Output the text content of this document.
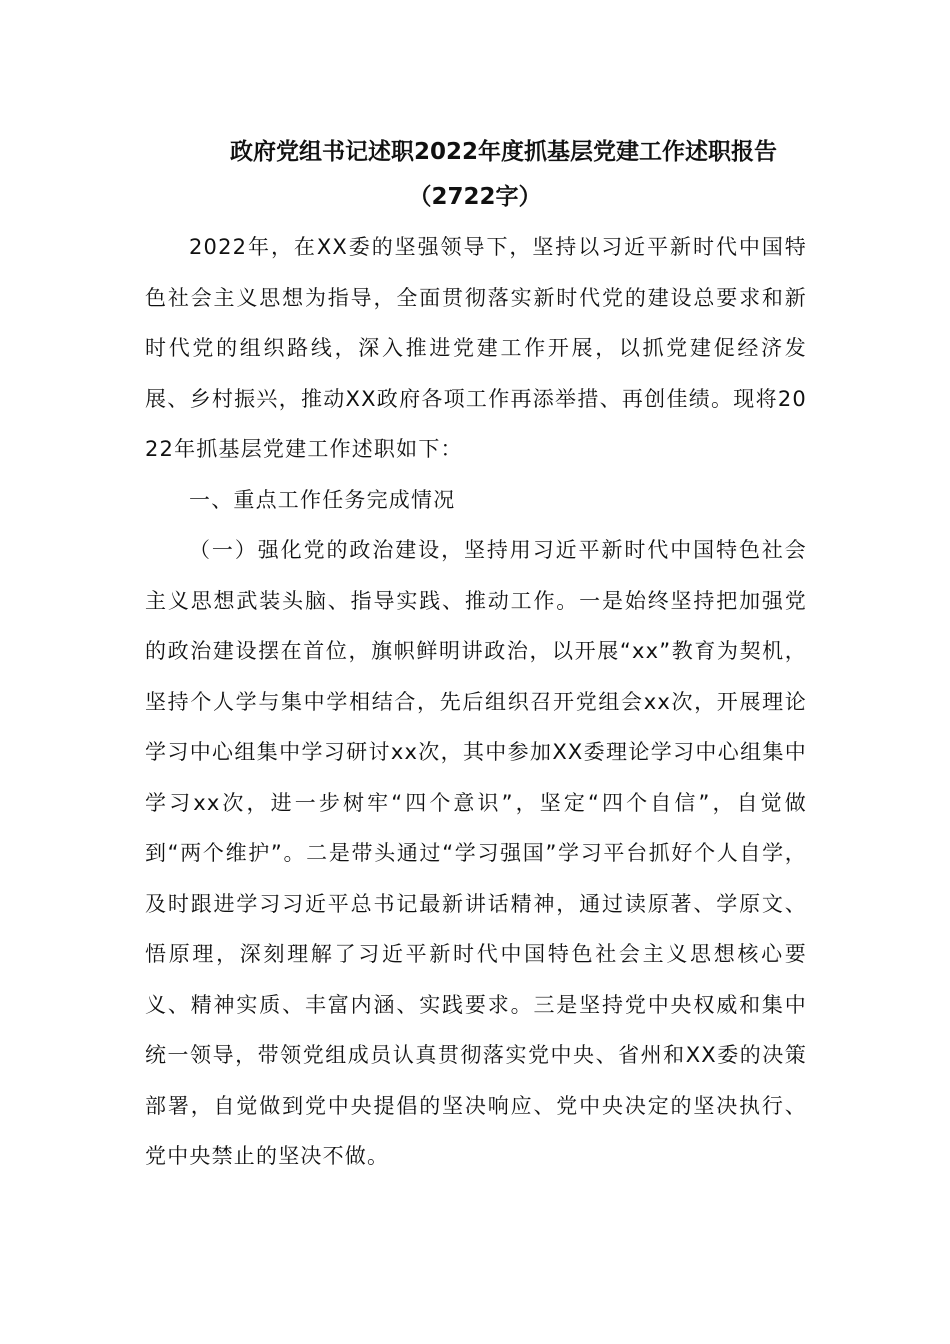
政府党组书记述职2022年度抓基层党建工作述职报告
（2722字）

2022年，在XX委的坚强领导下，坚持以习近平新时代中国特色社会主义思想为指导，全面贯彻落实新时代党的建设总要求和新时代党的组织路线，深入推进党建工作开展，以抓党建促经济发展、乡村振兴，推动XX政府各项工作再添举措、再创佳绩。现将2022年抓基层党建工作述职如下：

一、重点工作任务完成情况

（一）强化党的政治建设，坚持用习近平新时代中国特色社会主义思想武装头脑、指导实践、推动工作。一是始终坚持把加强党的政治建设摆在首位，旗帜鲜明讲政治，以开展“xx”教育为契机，坚持个人学与集中学相结合，先后组织召开党组会xx次，开展理论学习中心组集中学习研讨xx次，其中参加XX委理论学习中心组集中学习xx次，进一步树牢“四个意识”，坚定“四个自信”，自觉做到“两个维护”。二是带头通过“学习强国”学习平台抓好个人自学，及时跟进学习习近平总书记最新讲话精神，通过读原著、学原文、悟原理，深刻理解了习近平新时代中国特色社会主义思想核心要义、精神实质、丰富内涵、实践要求。三是坚持党中央权威和集中统一领导，带领党组成员认真贯彻落实党中央、省州和XX委的决策部署，自觉做到党中央提倡的坚决响应、党中央决定的坚决执行、党中央禁止的坚决不做。
